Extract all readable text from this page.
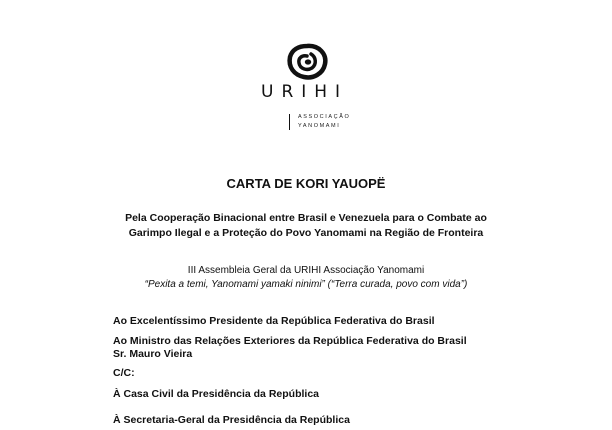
URIHI
ASSOCIAÇÃO
YANOMAMI
CARTA DE KORI YAUOPË
Pela Cooperação Binacional entre Brasil e Venezuela para o Combate ao
Garimpo Ilegal e a Proteção do Povo Yanomami na Região de Fronteira
III Assembleia Geral da URIHI Associação Yanomami
“Pexita a temi, Yanomami yamaki ninimi” (“Terra curada, povo com vida”)
Ao Excelentíssimo Presidente da República Federativa do Brasil
Ao Ministro das Relações Exteriores da República Federativa do Brasil
Sr. Mauro Vieira
C/C:
À Casa Civil da Presidência da República
À Secretaria-Geral da Presidência da República
